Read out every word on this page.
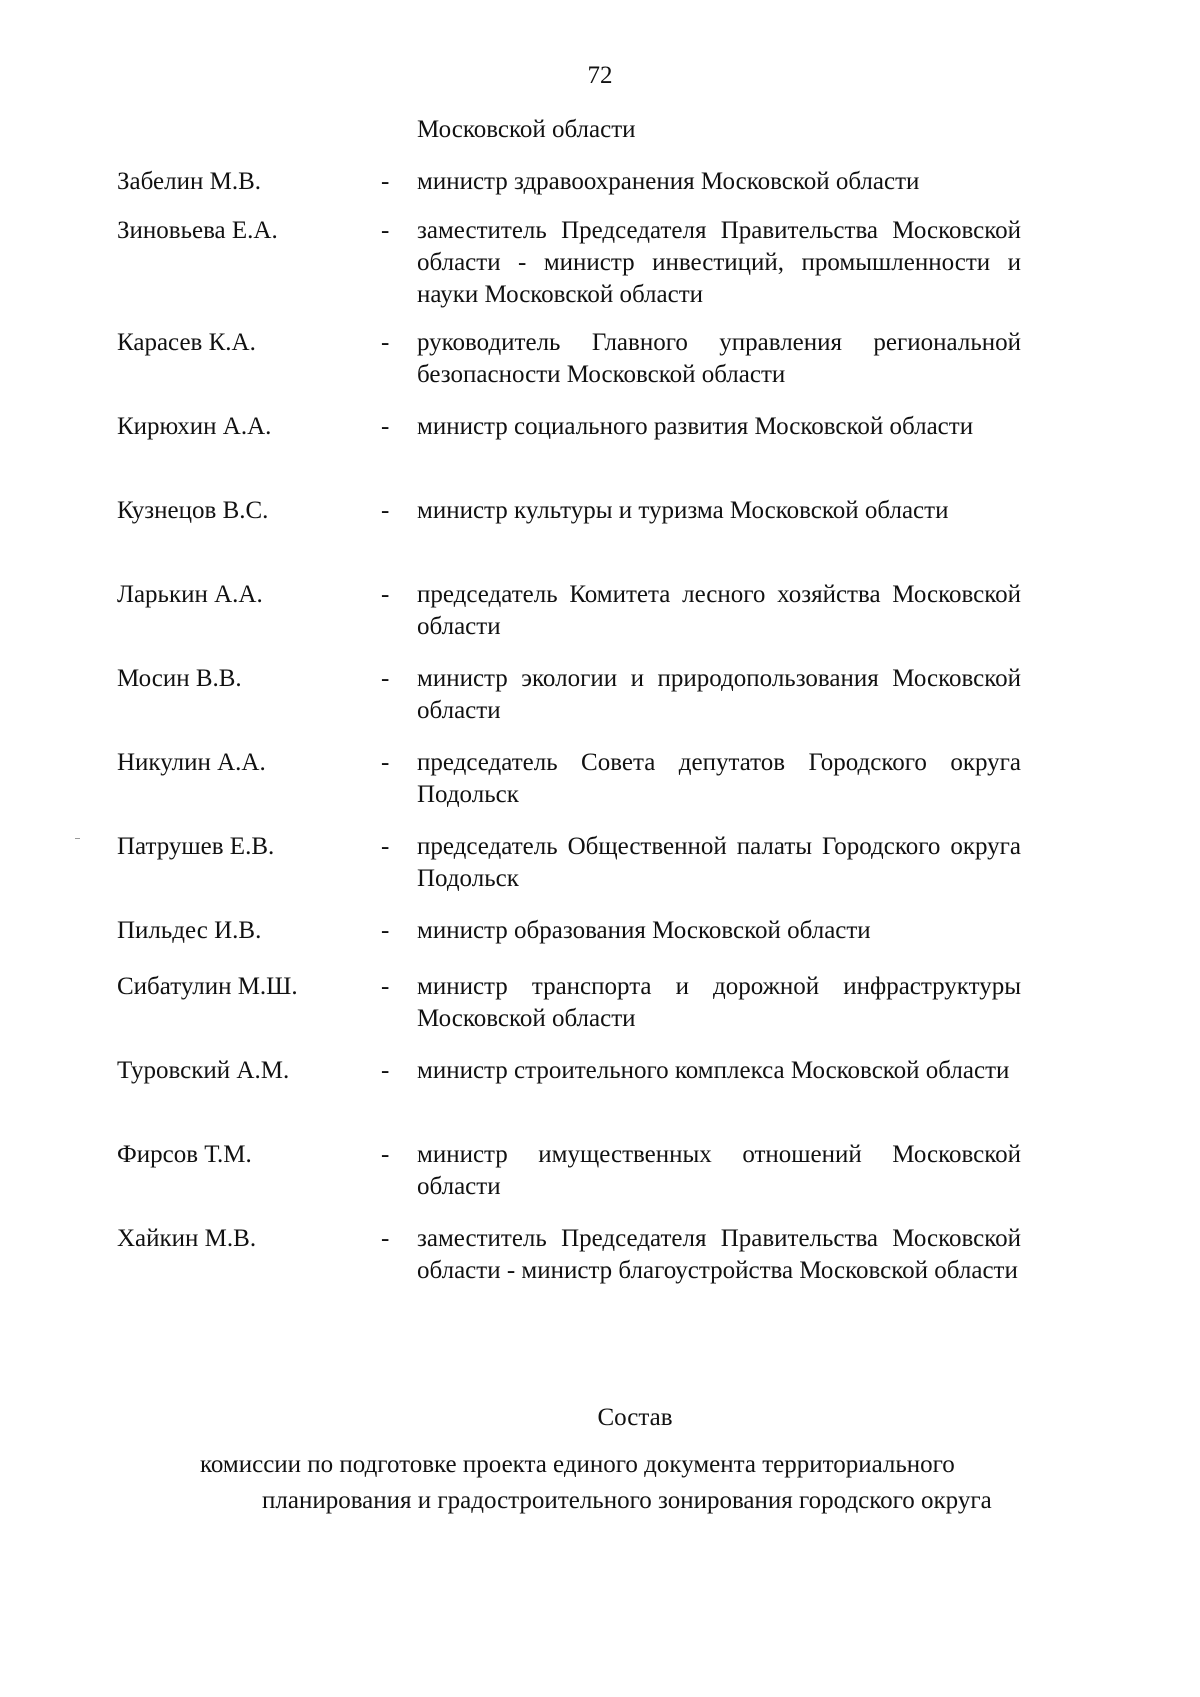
72
Московской области
Забелин М.В.	- министр здравоохранения Московской области
Зиновьева Е.А.	- заместитель Председателя Правительства Московской области - министр инвестиций, промышленности и науки Московской области
Карасев К.А.	- руководитель Главного управления региональной безопасности Московской области
Кирюхин А.А.	- министр социального развития Московской области
Кузнецов В.С.	- министр культуры и туризма Московской области
Ларькин А.А.	- председатель Комитета лесного хозяйства Московской области
Мосин В.В.	- министр экологии и природопользования Московской области
Никулин А.А.	- председатель Совета депутатов Городского округа Подольск
Патрушев Е.В.	- председатель Общественной палаты Городского округа Подольск
Пильдес И.В.	- министр образования Московской области
Сибатулин М.Ш.	- министр транспорта и дорожной инфраструктуры Московской области
Туровский А.М.	- министр строительного комплекса Московской области
Фирсов Т.М.	- министр имущественных отношений Московской области
Хайкин М.В.	- заместитель Председателя Правительства Московской области - министр благоустройства Московской области
Состав
комиссии по подготовке проекта единого документа территориального
планирования и градостроительного зонирования городского округа
